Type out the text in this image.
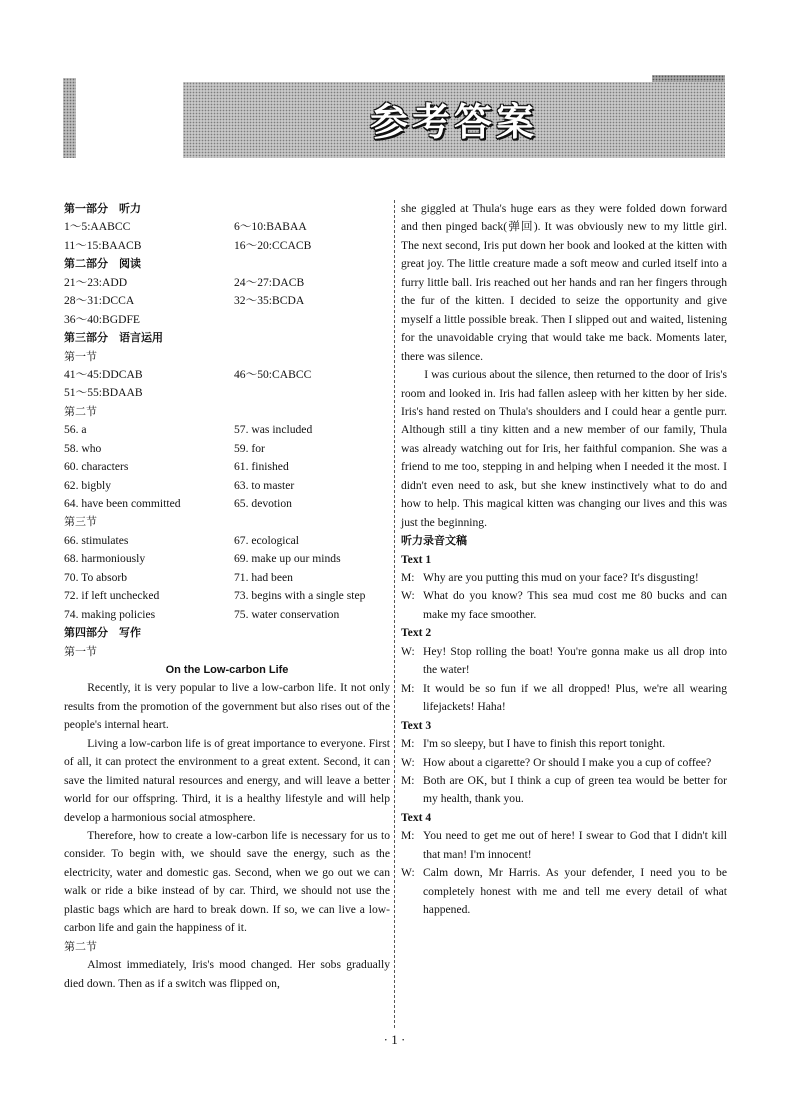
参考答案
第一部分　听力
1～5:AABCC	6～10:BABAA
11～15:BAACB	16～20:CCACB
第二部分　阅读
21～23:ADD	24～27:DACB
28～31:DCCA	32～35:BCDA
36～40:BGDFE
第三部分　语言运用
第一节
41～45:DDCAB	46～50:CABCC
51～55:BDAAB
第二节
56. a	57. was included
58. who	59. for
60. characters	61. finished
62. bigbly	63. to master
64. have been committed	65. devotion
第三节
66. stimulates	67. ecological
68. harmoniously	69. make up our minds
70. To absorb	71. had been
72. if left unchecked	73. begins with a single step
74. making policies	75. water conservation
第四部分　写作
第一节
On the Low-carbon Life
Recently, it is very popular to live a low-carbon life. It not only results from the promotion of the government but also rises out of the people's internal heart.
Living a low-carbon life is of great importance to everyone. First of all, it can protect the environment to a great extent. Second, it can save the limited natural resources and energy, and will leave a better world for our offspring. Third, it is a healthy lifestyle and will help develop a harmonious social atmosphere.
Therefore, how to create a low-carbon life is necessary for us to consider. To begin with, we should save the energy, such as the electricity, water and domestic gas. Second, when we go out we can walk or ride a bike instead of by car. Third, we should not use the plastic bags which are hard to break down. If so, we can live a low-carbon life and gain the happiness of it.
第二节
Almost immediately, Iris's mood changed. Her sobs gradually died down. Then as if a switch was flipped on,
she giggled at Thula's huge ears as they were folded down forward and then pinged back(弹回). It was obviously new to my little girl. The next second, Iris put down her book and looked at the kitten with great joy. The little creature made a soft meow and curled itself into a furry little ball. Iris reached out her hands and ran her fingers through the fur of the kitten. I decided to seize the opportunity and give myself a little possible break. Then I slipped out and waited, listening for the unavoidable crying that would take me back. Moments later, there was silence.
I was curious about the silence, then returned to the door of Iris's room and looked in. Iris had fallen asleep with her kitten by her side. Iris's hand rested on Thula's shoulders and I could hear a gentle purr. Although still a tiny kitten and a new member of our family, Thula was already watching out for Iris, her faithful companion. She was a friend to me too, stepping in and helping when I needed it the most. I didn't even need to ask, but she knew instinctively what to do and how to help. This magical kitten was changing our lives and this was just the beginning.
听力录音文稿
Text 1
M: Why are you putting this mud on your face? It's disgusting!
W: What do you know? This sea mud cost me 80 bucks and can make my face smoother.
Text 2
W: Hey! Stop rolling the boat! You're gonna make us all drop into the water!
M: It would be so fun if we all dropped! Plus, we're all wearing lifejackets! Haha!
Text 3
M: I'm so sleepy, but I have to finish this report tonight.
W: How about a cigarette? Or should I make you a cup of coffee?
M: Both are OK, but I think a cup of green tea would be better for my health, thank you.
Text 4
M: You need to get me out of here! I swear to God that I didn't kill that man! I'm innocent!
W: Calm down, Mr Harris. As your defender, I need you to be completely honest with me and tell me every detail of what happened.
· 1 ·
